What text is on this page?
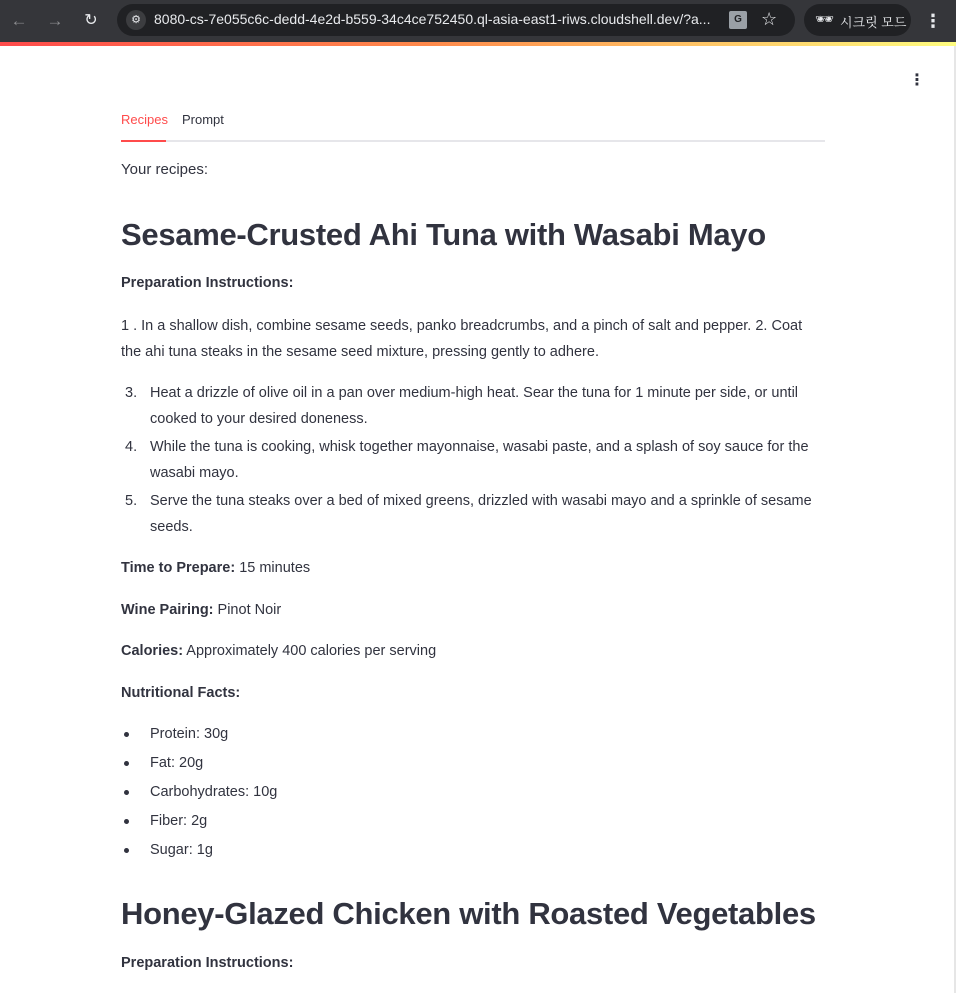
← →	↻	⚙ 8080-cs-7e055c6c-dedd-4e2d-b559-34c4ce752450.ql-asia-east1-riws.cloudshell.dev/?a...	G ☆	🕶 시크릿 모드 ⋮
⋮
Recipes Prompt
Your recipes:
Sesame-Crusted Ahi Tuna with Wasabi Mayo
Preparation Instructions:
1 . In a shallow dish, combine sesame seeds, panko breadcrumbs, and a pinch of salt and pepper. 2. Coat the ahi tuna steaks in the sesame seed mixture, pressing gently to adhere.
3. Heat a drizzle of olive oil in a pan over medium-high heat. Sear the tuna for 1 minute per side, or until cooked to your desired doneness.
4. While the tuna is cooking, whisk together mayonnaise, wasabi paste, and a splash of soy sauce for the wasabi mayo.
5. Serve the tuna steaks over a bed of mixed greens, drizzled with wasabi mayo and a sprinkle of sesame seeds.
Time to Prepare: 15 minutes
Wine Pairing: Pinot Noir
Calories: Approximately 400 calories per serving
Nutritional Facts:
Protein: 30g
Fat: 20g
Carbohydrates: 10g
Fiber: 2g
Sugar: 1g
Honey-Glazed Chicken with Roasted Vegetables
Preparation Instructions:
